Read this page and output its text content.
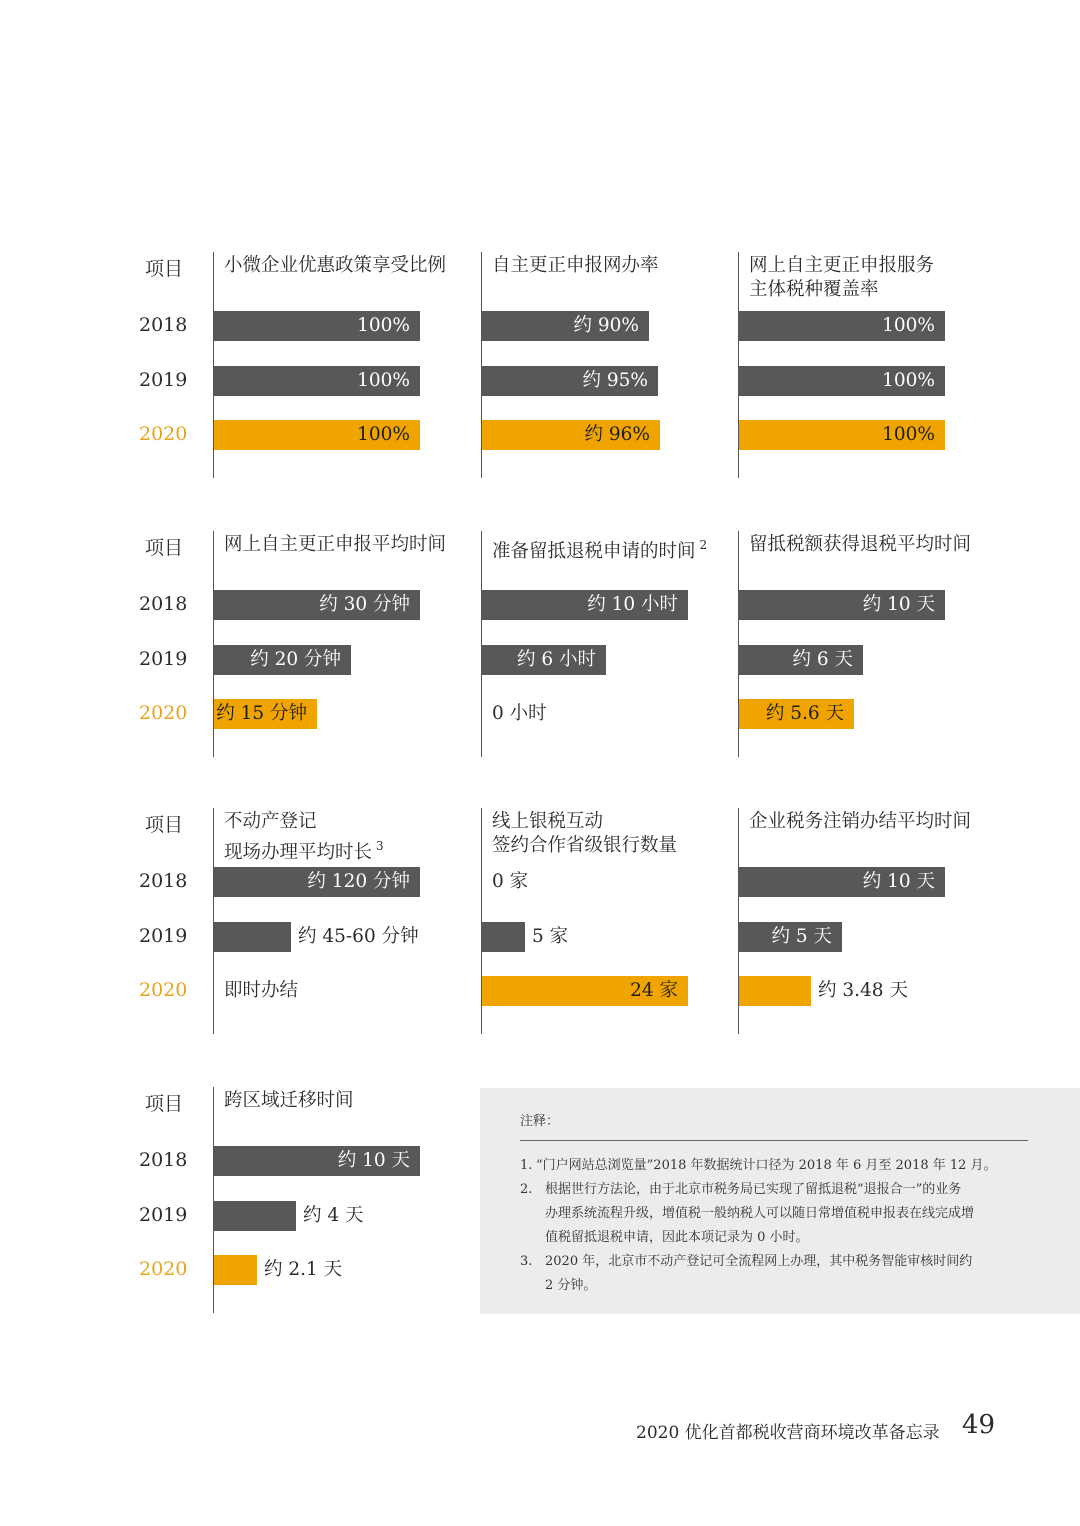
项目
2018
2019
2020
小微企业优惠政策享受比例
100%
100%
100%
自主更正申报网办率
约 90%
约 95%
约 96%
网上自主更正申报服务
主体税种覆盖率
100%
100%
100%
项目
2018
2019
2020
网上自主更正申报平均时间
约 30 分钟
约 20 分钟
约 15 分钟
准备留抵退税申请的时间 $^2$
约 10 小时
约 6 小时
0 小时
留抵税额获得退税平均时间
约 10 天
约 6 天
约 5.6 天
项目
2018
2019
2020
不动产登记
现场办理平均时长 $^3$
约 120 分钟
约 45-60 分钟
即时办结
线上银税互动
签约合作省级银行数量
0 家
5 家
24 家
企业税务注销办结平均时间
约 10 天
约 5 天
约 3.48 天
项目
2018
2019
2020
跨区域迁移时间
约 10 天
约 4 天
约 2.1 天
注释：
1. “门户网站总浏览量”2018 年数据统计口径为 2018 年 6 月至 2018 年 12 月。
2. 根据世行方法论，由于北京市税务局已实现了留抵退税“退报合一”的业务
办理系统流程升级，增值税一般纳税人可以随日常增值税申报表在线完成增
值税留抵退税申请，因此本项记录为 0 小时。
3. 2020 年，北京市不动产登记可全流程网上办理，其中税务智能审核时间约
2 分钟。
2020 优化首都税收营商环境改革备忘录 49
